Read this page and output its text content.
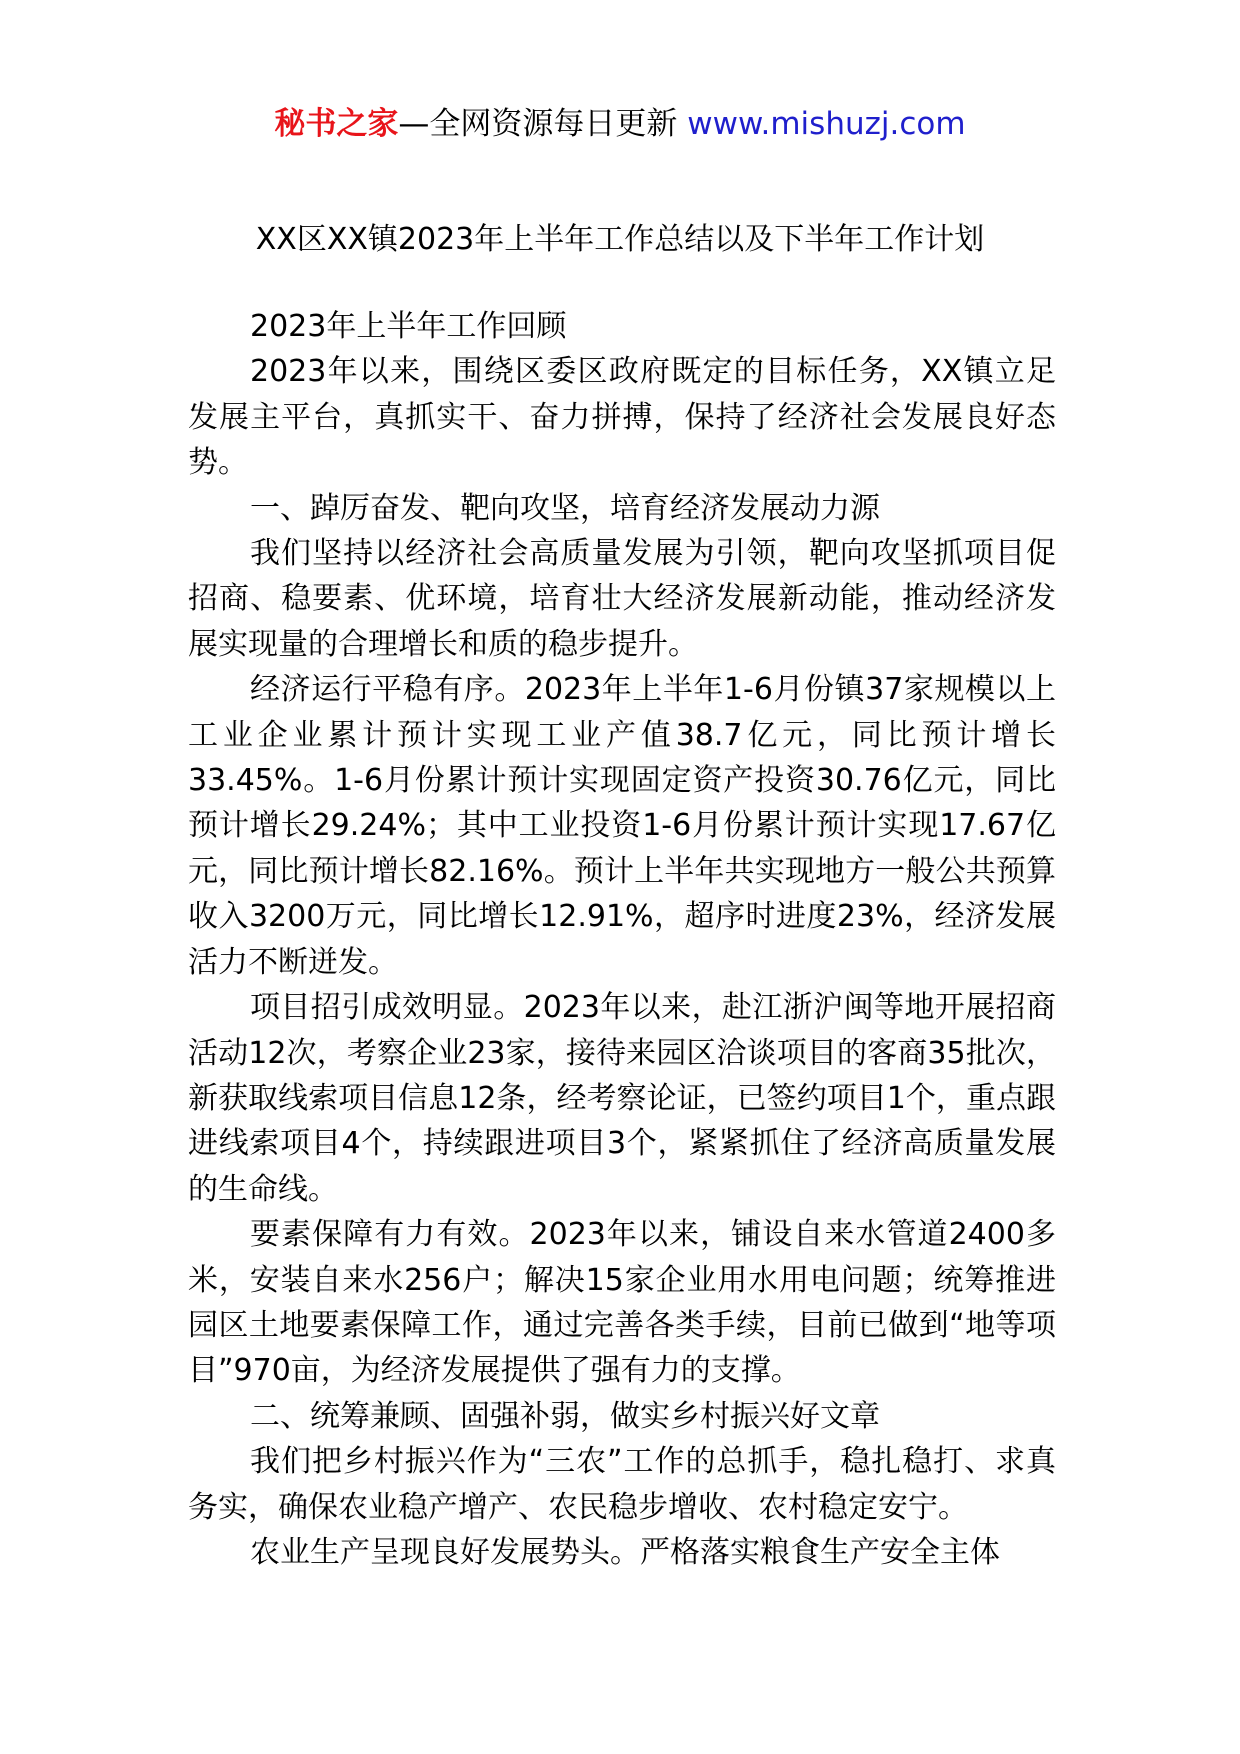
秘书之家—全网资源每日更新 www.mishuzj.com
XX区XX镇2023年上半年工作总结以及下半年工作计划

2023年上半年工作回顾

2023年以来，围绕区委区政府既定的目标任务，XX镇立足发展主平台，真抓实干、奋力拼搏，保持了经济社会发展良好态势。

一、踔厉奋发、靶向攻坚，培育经济发展动力源

我们坚持以经济社会高质量发展为引领，靶向攻坚抓项目促招商、稳要素、优环境，培育壮大经济发展新动能，推动经济发展实现量的合理增长和质的稳步提升。

经济运行平稳有序。2023年上半年1-6月份镇37家规模以上工业企业累计预计实现工业产值38.7亿元，同比预计增长33.45%。1-6月份累计预计实现固定资产投资30.76亿元，同比预计增长29.24%；其中工业投资1-6月份累计预计实现17.67亿元，同比预计增长82.16%。预计上半年共实现地方一般公共预算收入3200万元，同比增长12.91%，超序时进度23%，经济发展活力不断迸发。

项目招引成效明显。2023年以来，赴江浙沪闽等地开展招商活动12次，考察企业23家，接待来园区洽谈项目的客商35批次，新获取线索项目信息12条，经考察论证，已签约项目1个，重点跟进线索项目4个，持续跟进项目3个，紧紧抓住了经济高质量发展的生命线。

要素保障有力有效。2023年以来，铺设自来水管道2400多米，安装自来水256户；解决15家企业用水用电问题；统筹推进园区土地要素保障工作，通过完善各类手续，目前已做到“地等项目”970亩，为经济发展提供了强有力的支撑。

二、统筹兼顾、固强补弱，做实乡村振兴好文章

我们把乡村振兴作为“三农”工作的总抓手，稳扎稳打、求真务实，确保农业稳产增产、农民稳步增收、农村稳定安宁。

农业生产呈现良好发展势头。严格落实粮食生产安全主体
